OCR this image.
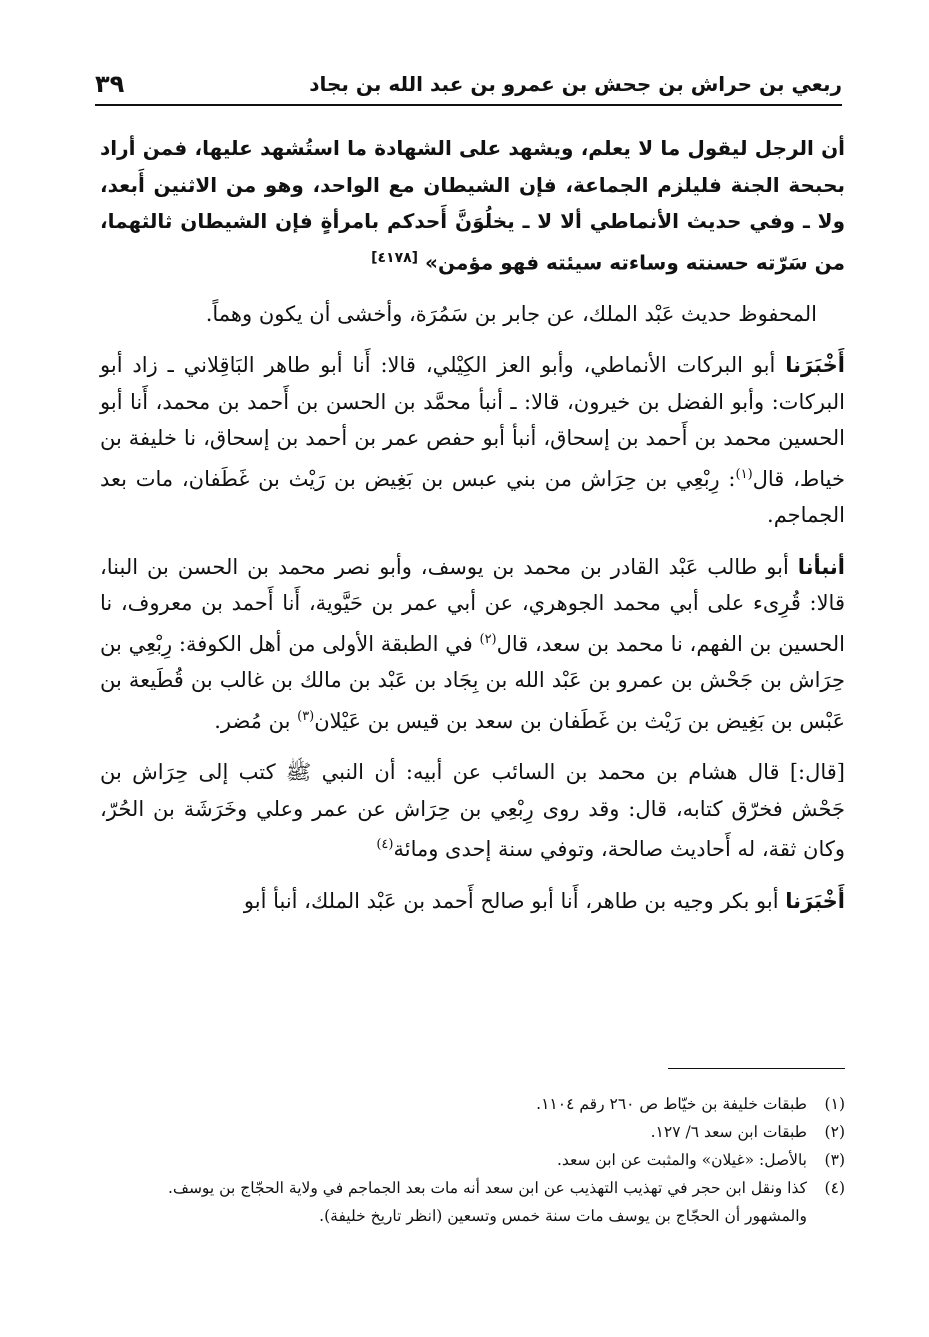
ربعي بن حراش بن جحش بن عمرو بن عبد الله بن بجاد
٣٩

أن الرجل ليقول ما لا يعلم، ويشهد على الشهادة ما استُشهد عليها، فمن أراد بحبحة الجنة فليلزم الجماعة، فإن الشيطان مع الواحد، وهو من الاثنين أَبعد، ولا ـ وفي حديث الأنماطي ألا لا ـ يخلُوَنَّ أَحدكم بامرأةٍ فإن الشيطان ثالثهما، من سَرّته حسنته وساءته سيئته فهو مؤمن» [٤١٧٨]

المحفوظ حديث عَبْد الملك، عن جابر بن سَمُرَة، وأخشى أن يكون وهماً.

أَخْبَرَنا أبو البركات الأنماطي، وأبو العز الكِيْلي، قالا: أَنا أبو طاهر البَاقِلاني ـ زاد أبو البركات: وأبو الفضل بن خيرون، قالا: ـ أنبأ محمَّد بن الحسن بن أَحمد بن محمد، أَنا أبو الحسين محمد بن أَحمد بن إسحاق، أنبأ أبو حفص عمر بن أحمد بن إسحاق، نا خليفة بن خياط، قال$^{(١)}$: رِبْعِي بن حِرَاش من بني عبس بن بَغِيض بن رَيْث بن غَطَفان، مات بعد الجماجم.

أنبأنا أبو طالب عَبْد القادر بن محمد بن يوسف، وأبو نصر محمد بن الحسن بن البنا، قالا: قُرِىء على أبي محمد الجوهري، عن أبي عمر بن حَيَّوية، أَنا أَحمد بن معروف، نا الحسين بن الفهم، نا محمد بن سعد، قال$^{(٢)}$ في الطبقة الأولى من أهل الكوفة: رِبْعِي بن حِرَاش بن جَحْش بن عمرو بن عَبْد الله بن بِجَاد بن عَبْد بن مالك بن غالب بن قُطَيعة بن عَبْس بن بَغِيض بن رَيْث بن غَطَفان بن سعد بن قيس بن عَيْلان$^{(٣)}$ بن مُضر.

[قال:] قال هشام بن محمد بن السائب عن أبيه: أن النبي ﷺ كتب إلى حِرَاش بن جَحْش فخرّق كتابه، قال: وقد روى رِبْعِي بن حِرَاش عن عمر وعلي وخَرَشَة بن الحُرّ، وكان ثقة، له أَحاديث صالحة، وتوفي سنة إحدى ومائة$^{(٤)}$

أَخْبَرَنا أبو بكر وجيه بن طاهر، أَنا أبو صالح أَحمد بن عَبْد الملك، أنبأ أبو

(١)
طبقات خليفة بن خيّاط ص ٢٦٠ رقم ١١٠٤.
(٢)
طبقات ابن سعد ٦/ ١٢٧.
(٣)
بالأصل: «غيلان» والمثبت عن ابن سعد.
(٤)
كذا ونقل ابن حجر في تهذيب التهذيب عن ابن سعد أنه مات بعد الجماجم في ولاية الحجّاج بن يوسف.

والمشهور أن الحجّاج بن يوسف مات سنة خمس وتسعين (انظر تاريخ خليفة).
